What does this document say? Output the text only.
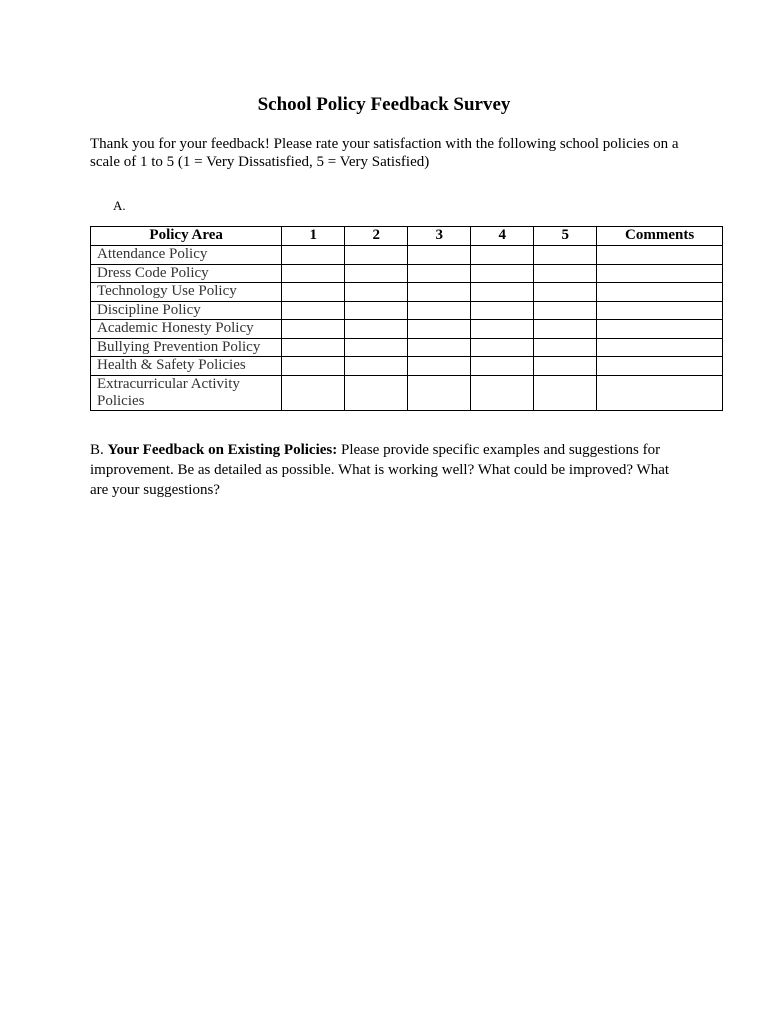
School Policy Feedback Survey
Thank you for your feedback! Please rate your satisfaction with the following school policies on a scale of 1 to 5 (1 = Very Dissatisfied, 5 = Very Satisfied)
A.
Policy Area	1	2	3	4	5	Comments
Attendance Policy						
Dress Code Policy						
Technology Use Policy						
Discipline Policy						
Academic Honesty Policy						
Bullying Prevention Policy						
Health & Safety Policies						
Extracurricular Activity Policies						
B. Your Feedback on Existing Policies: Please provide specific examples and suggestions for improvement. Be as detailed as possible. What is working well? What could be improved? What are your suggestions?
